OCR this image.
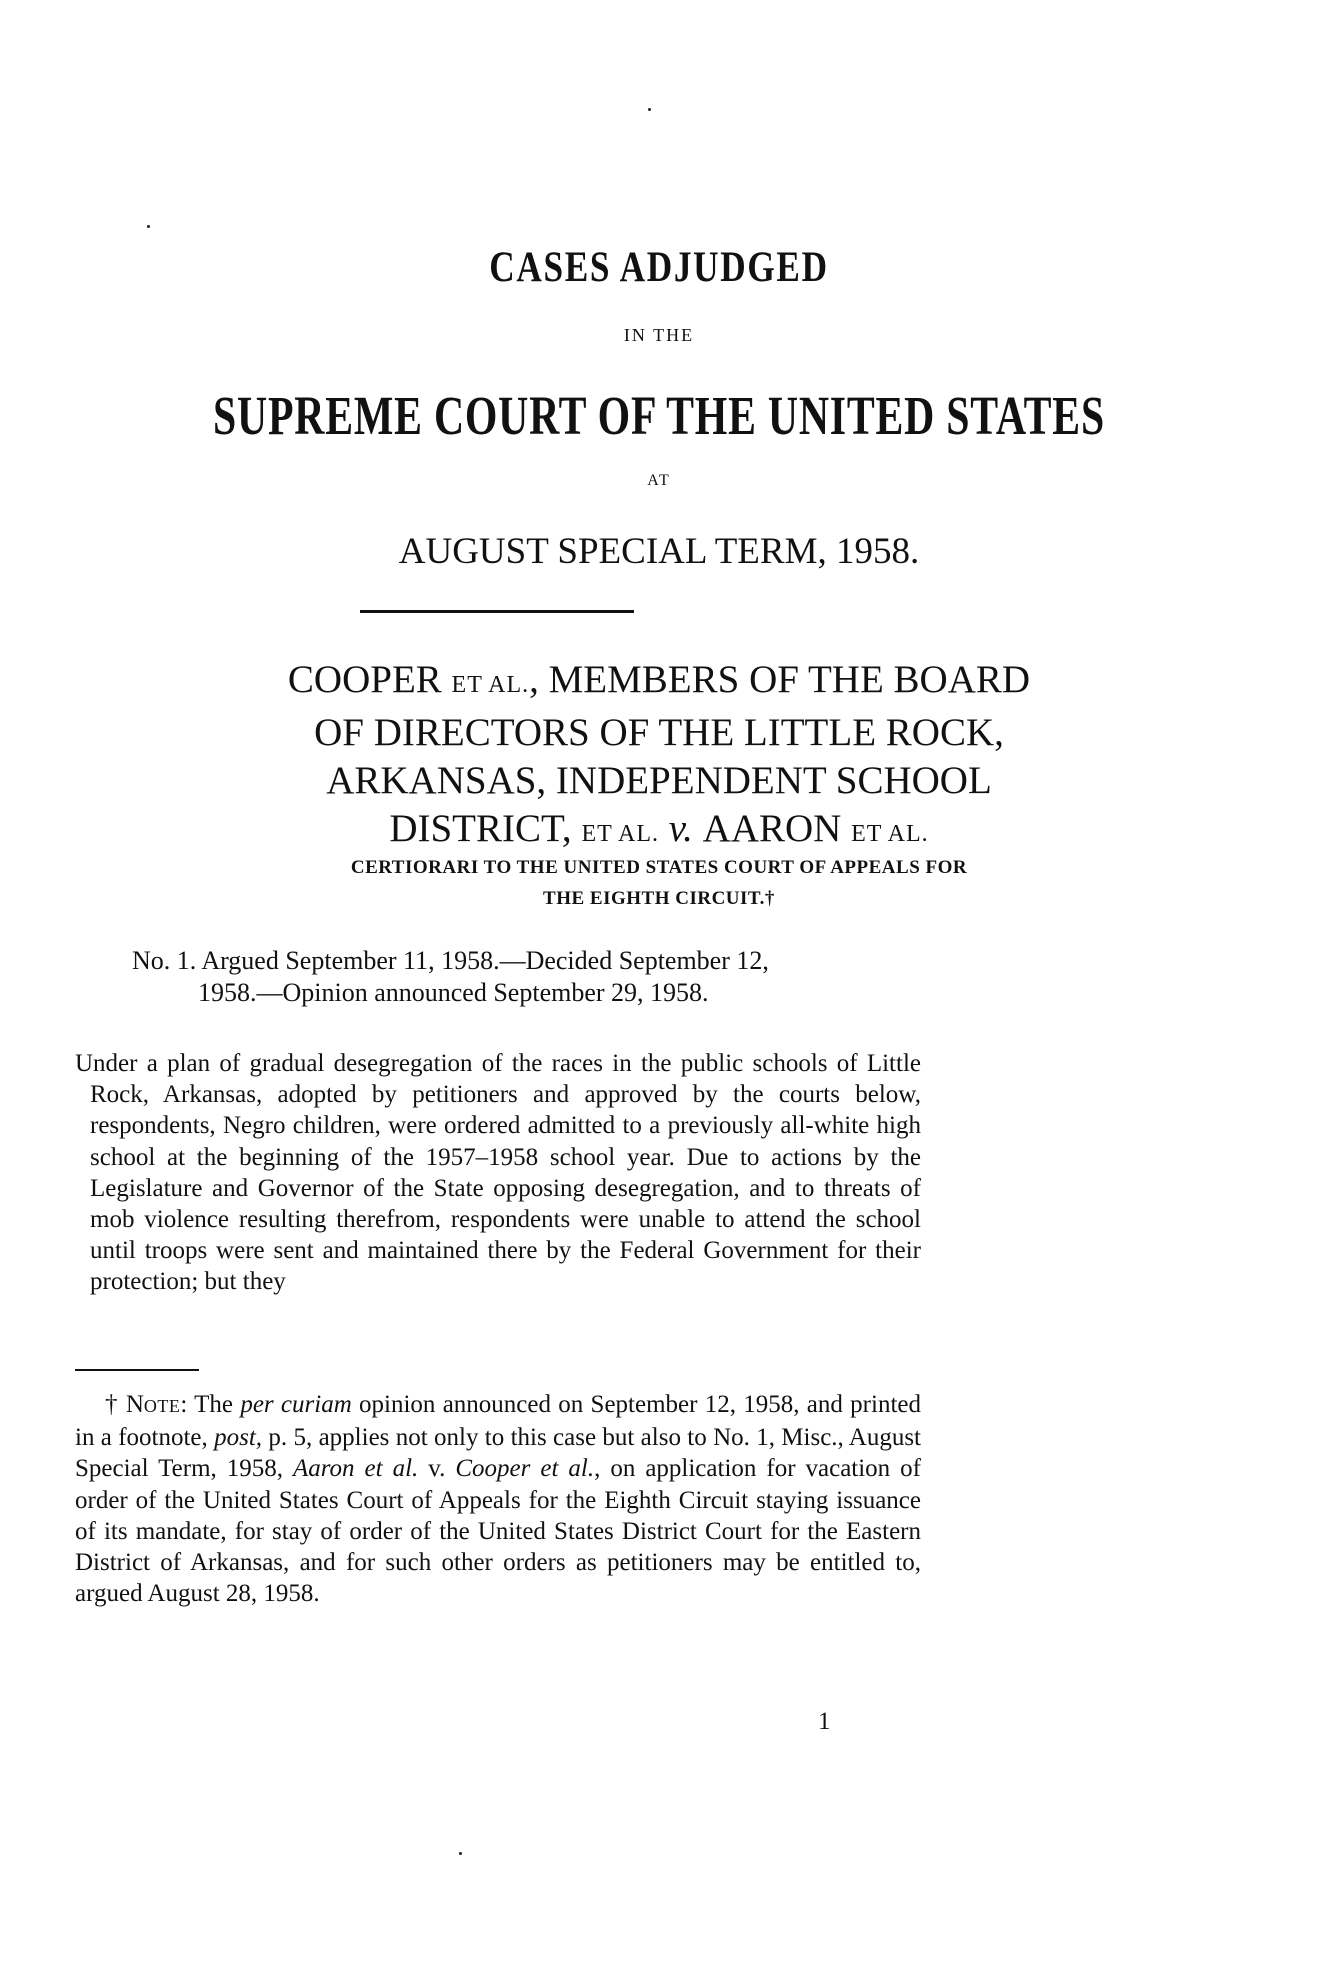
CASES ADJUDGED
IN THE
SUPREME COURT OF THE UNITED STATES
AT
AUGUST SPECIAL TERM, 1958.
COOPER ET AL., MEMBERS OF THE BOARD
OF DIRECTORS OF THE LITTLE ROCK,
ARKANSAS, INDEPENDENT SCHOOL
DISTRICT, ET AL. v. AARON ET AL.
CERTIORARI TO THE UNITED STATES COURT OF APPEALS FOR
THE EIGHTH CIRCUIT.†
No. 1. Argued September 11, 1958.—Decided September 12,
1958.—Opinion announced September 29, 1958.
Under a plan of gradual desegregation of the races in the public schools of Little Rock, Arkansas, adopted by petitioners and approved by the courts below, respondents, Negro children, were ordered admitted to a previously all-white high school at the beginning of the 1957–1958 school year. Due to actions by the Legislature and Governor of the State opposing desegregation, and to threats of mob violence resulting therefrom, respondents were unable to attend the school until troops were sent and maintained there by the Federal Government for their protection; but they
† NOTE: The per curiam opinion announced on September 12, 1958, and printed in a footnote, post, p. 5, applies not only to this case but also to No. 1, Misc., August Special Term, 1958, Aaron et al. v. Cooper et al., on application for vacation of order of the United States Court of Appeals for the Eighth Circuit staying issuance of its mandate, for stay of order of the United States District Court for the Eastern District of Arkansas, and for such other orders as petitioners may be entitled to, argued August 28, 1958.
1
